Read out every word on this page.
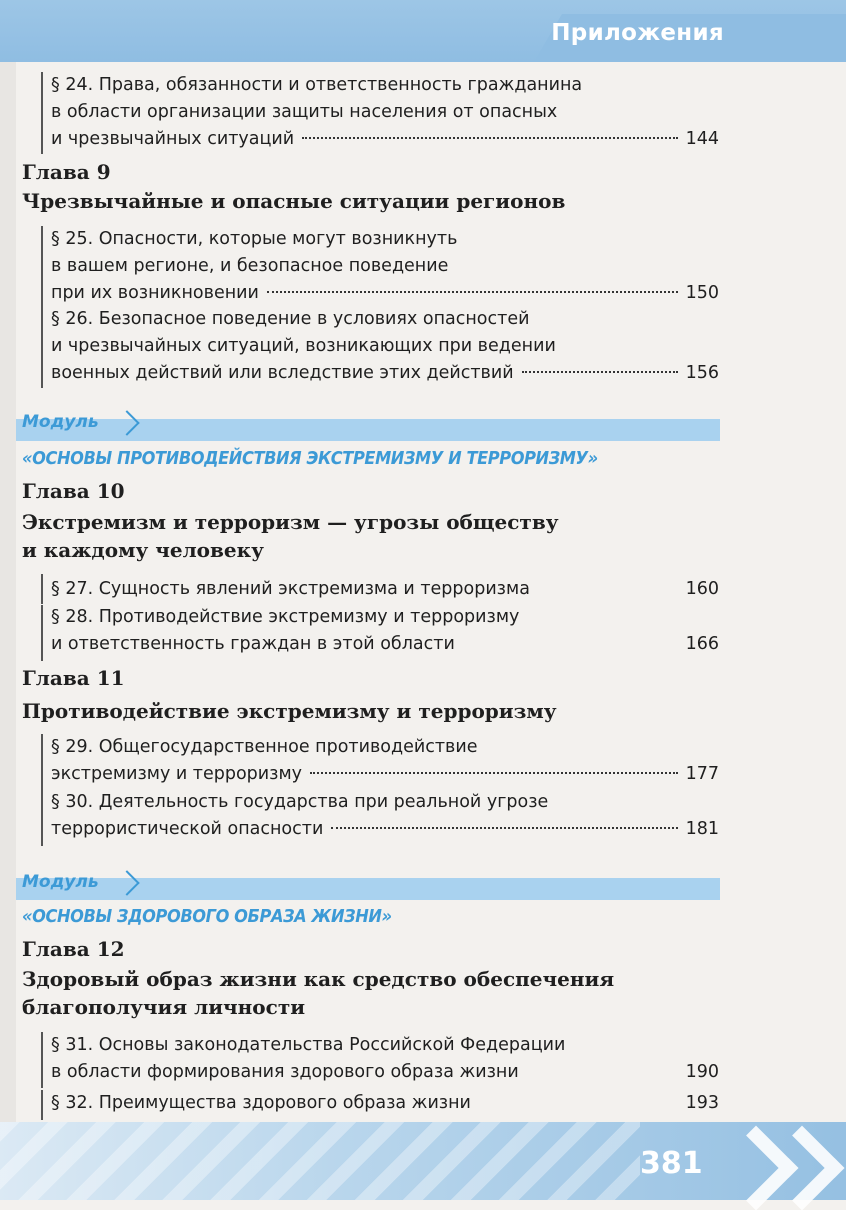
Приложения
§ 24. Права, обязанности и ответственность гражданина
в области организации защиты населения от опасных
и чрезвычайных ситуаций	144
Глава 9
Чрезвычайные и опасные ситуации регионов
§ 25. Опасности, которые могут возникнуть
в вашем регионе, и безопасное поведение
при их возникновении	150
§ 26. Безопасное поведение в условиях опасностей
и чрезвычайных ситуаций, возникающих при ведении
военных действий или вследствие этих действий	156
Модуль
«ОСНОВЫ ПРОТИВОДЕЙСТВИЯ ЭКСТРЕМИЗМУ И ТЕРРОРИЗМУ»
Глава 10
Экстремизм и терроризм — угрозы обществу
и каждому человеку
§ 27. Сущность явлений экстремизма и терроризма	160
§ 28. Противодействие экстремизму и терроризму
и ответственность граждан в этой области	166
Глава 11
Противодействие экстремизму и терроризму
§ 29. Общегосударственное противодействие
экстремизму и терроризму	177
§ 30. Деятельность государства при реальной угрозе
террористической опасности	181
Модуль
«ОСНОВЫ ЗДОРОВОГО ОБРАЗА ЖИЗНИ»
Глава 12
Здоровый образ жизни как средство обеспечения
благополучия личности
§ 31. Основы законодательства Российской Федерации
в области формирования здорового образа жизни	190
§ 32. Преимущества здорового образа жизни	193
381
